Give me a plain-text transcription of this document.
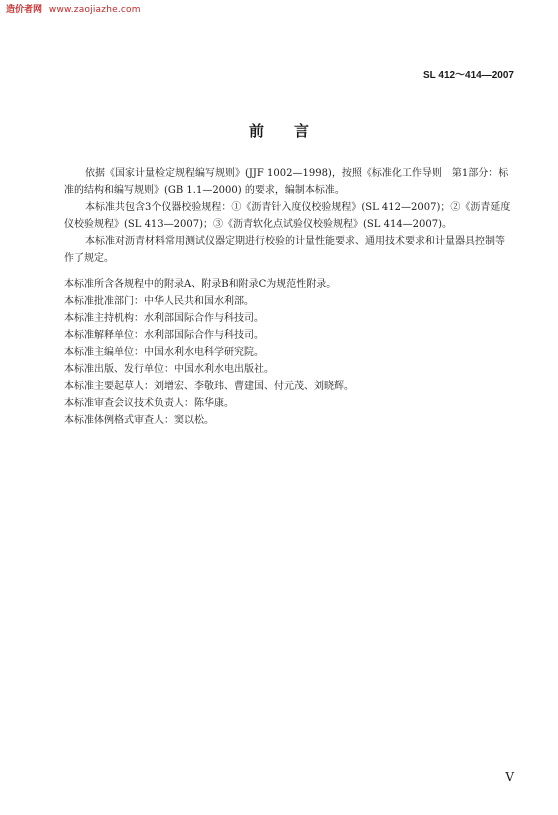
造价者网 www.zaojiazhe.com
SL 412～414—2007
前言

依据《国家计量检定规程编写规则》(JJF 1002—1998)，按照《标准化工作导则　第1部分：标准的结构和编写规则》(GB 1.1—2000) 的要求，编制本标准。

本标准共包含3个仪器校验规程：①《沥青针入度仪校验规程》(SL 412—2007)；②《沥青延度仪校验规程》(SL 413—2007)；③《沥青软化点试验仪校验规程》(SL 414—2007)。

本标准对沥青材料常用测试仪器定期进行校验的计量性能要求、通用技术要求和计量器具控制等作了规定。

本标准所含各规程中的附录A、附录B和附录C为规范性附录。

本标准批准部门：中华人民共和国水利部。

本标准主持机构：水利部国际合作与科技司。

本标准解释单位：水利部国际合作与科技司。

本标准主编单位：中国水利水电科学研究院。

本标准出版、发行单位：中国水利水电出版社。

本标准主要起草人：刘增宏、李敬玮、曹建国、付元茂、刘晓辉。

本标准审查会议技术负责人：陈华康。

本标准体例格式审查人：窦以松。

Ⅴ
